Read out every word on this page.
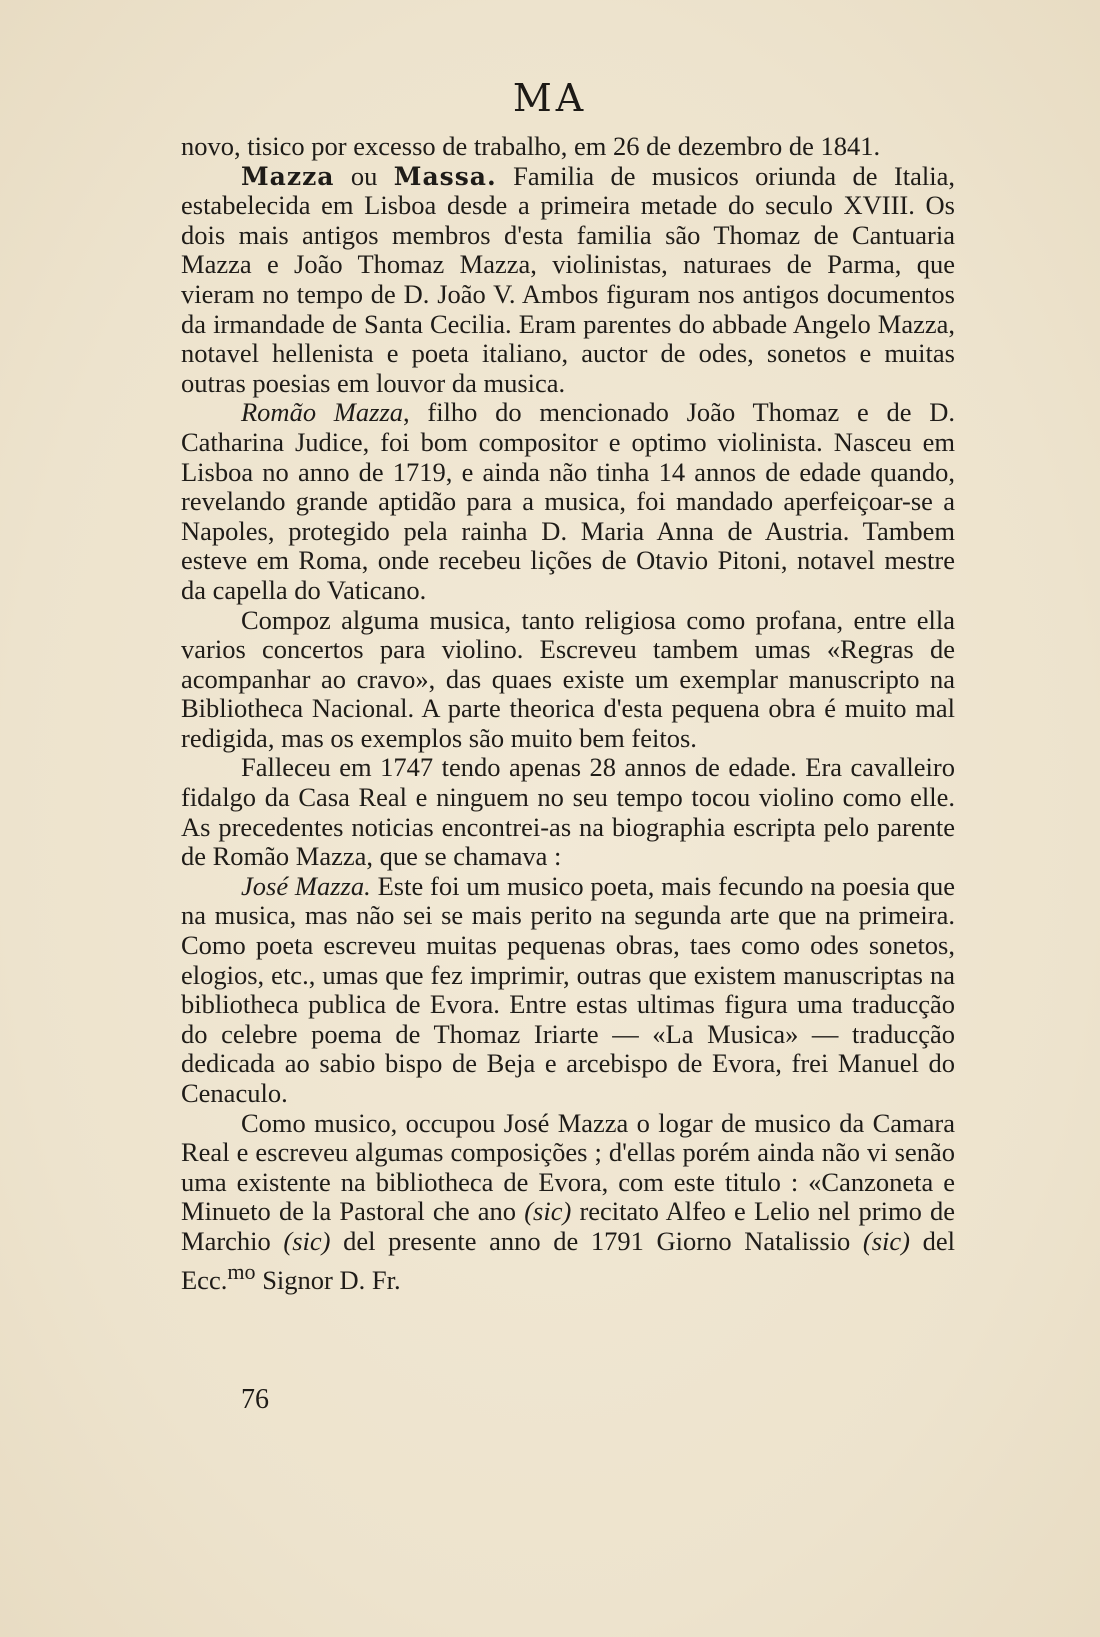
MA

novo, tisico por excesso de trabalho, em 26 de dezembro de 1841.

Mazza ou Massa. Familia de musicos oriunda de Italia, estabelecida em Lisboa desde a primeira metade do seculo XVIII. Os dois mais antigos membros d'esta familia são Thomaz de Cantuaria Mazza e João Thomaz Mazza, violinistas, naturaes de Parma, que vieram no tempo de D. João V. Ambos figuram nos antigos documentos da irmandade de Santa Cecilia. Eram parentes do abbade Angelo Mazza, notavel hellenista e poeta italiano, auctor de odes, sonetos e muitas outras poesias em louvor da musica.

Romão Mazza, filho do mencionado João Thomaz e de D. Catharina Judice, foi bom compositor e optimo violinista. Nasceu em Lisboa no anno de 1719, e ainda não tinha 14 annos de edade quando, revelando grande aptidão para a musica, foi mandado aperfeiçoar-se a Napoles, protegido pela rainha D. Maria Anna de Austria. Tambem esteve em Roma, onde recebeu lições de Otavio Pitoni, notavel mestre da capella do Vaticano.

Compoz alguma musica, tanto religiosa como profana, entre ella varios concertos para violino. Escreveu tambem umas «Regras de acompanhar ao cravo», das quaes existe um exemplar manuscripto na Bibliotheca Nacional. A parte theorica d'esta pequena obra é muito mal redigida, mas os exemplos são muito bem feitos.

Falleceu em 1747 tendo apenas 28 annos de edade. Era cavalleiro fidalgo da Casa Real e ninguem no seu tempo tocou violino como elle. As precedentes noticias encontrei-as na biographia escripta pelo parente de Romão Mazza, que se chamava :

José Mazza. Este foi um musico poeta, mais fecundo na poesia que na musica, mas não sei se mais perito na segunda arte que na primeira. Como poeta escreveu muitas pequenas obras, taes como odes sonetos, elogios, etc., umas que fez imprimir, outras que existem manuscriptas na bibliotheca publica de Evora. Entre estas ultimas figura uma traducção do celebre poema de Thomaz Iriarte — «La Musica» — traducção dedicada ao sabio bispo de Beja e arcebispo de Evora, frei Manuel do Cenaculo.

Como musico, occupou José Mazza o logar de musico da Camara Real e escreveu algumas composições ; d'ellas porém ainda não vi senão uma existente na bibliotheca de Evora, com este titulo : «Canzoneta e Minueto de la Pastoral che ano (sic) recitato Alfeo e Lelio nel primo de Marchio (sic) del presente anno de 1791 Giorno Natalissio (sic) del Ecc.$^{mo}$ Signor D. Fr.

76
